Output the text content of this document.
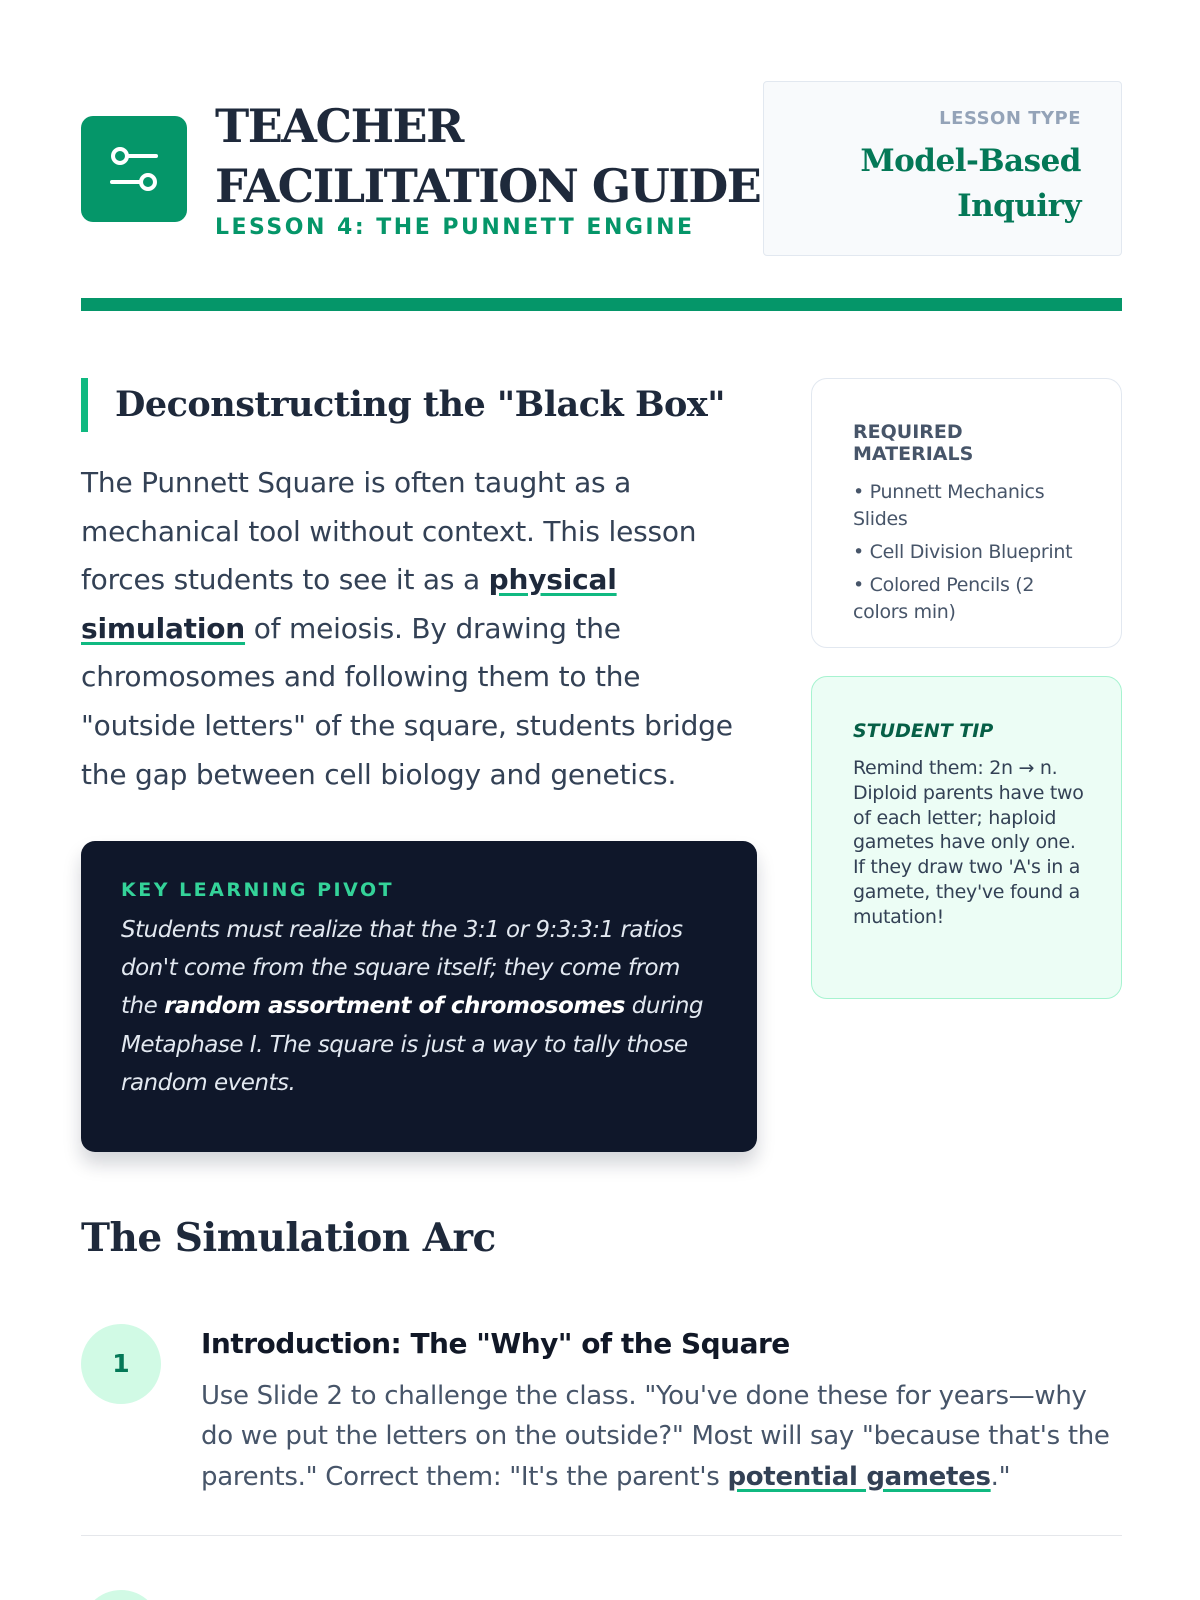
TEACHER FACILITATION GUIDE
LESSON 4: THE PUNNETT ENGINE
LESSON TYPE
Model-Based Inquiry
Deconstructing the "Black Box"

The Punnett Square is often taught as a mechanical tool without context. This lesson forces students to see it as a physical simulation of meiosis. By drawing the chromosomes and following them to the "outside letters" of the square, students bridge the gap between cell biology and genetics.

KEY LEARNING PIVOT

Students must realize that the 3:1 or 9:3:3:1 ratios don't come from the square itself; they come from the random assortment of chromosomes during Metaphase I. The square is just a way to tally those random events.

REQUIRED MATERIALS
• Punnett Mechanics Slides
• Cell Division Blueprint
• Colored Pencils (2 colors min)
STUDENT TIP

Remind them: 2n → n. Diploid parents have two of each letter; haploid gametes have only one. If they draw two 'A's in a gamete, they've found a mutation!

The Simulation Arc
1
Introduction: The "Why" of the Square

Use Slide 2 to challenge the class. "You've done these for years—why do we put the letters on the outside?" Most will say "because that's the parents." Correct them: "It's the parent's potential gametes."
